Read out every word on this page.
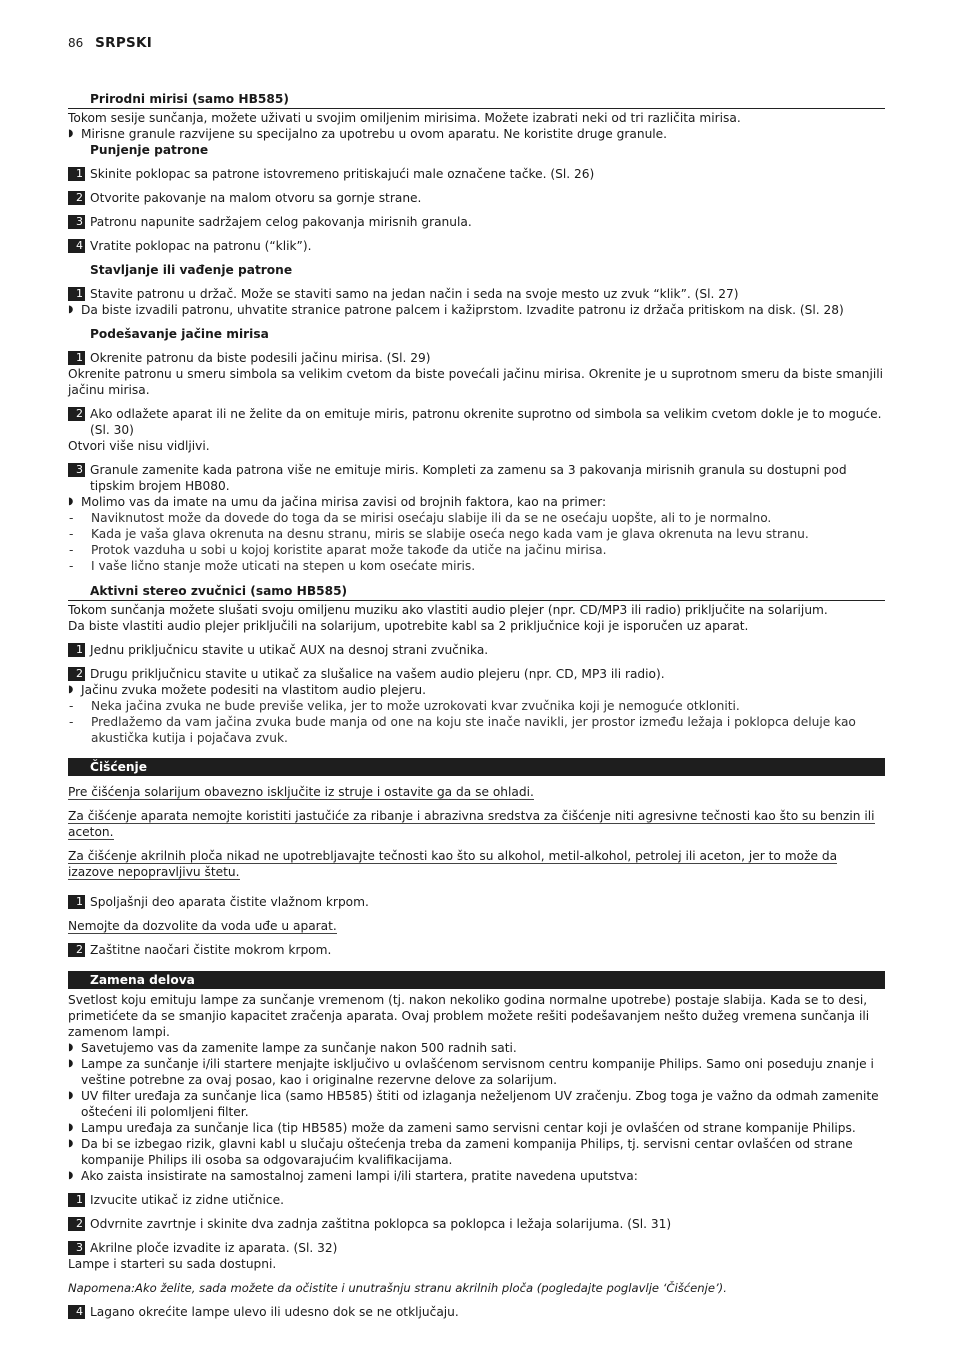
86 SRPSKI
Prirodni mirisi (samo HB585)

Tokom sesije sunčanja, možete uživati u svojim omiljenim mirisima. Možete izabrati neki od tri različita mirisa.

◗ Mirisne granule razvijene su specijalno za upotrebu u ovom aparatu. Ne koristite druge granule.

Punjenje patrone
1 Skinite poklopac sa patrone istovremeno pritiskajući male označene tačke. (Sl. 26)
2 Otvorite pakovanje na malom otvoru sa gornje strane.
3 Patronu napunite sadržajem celog pakovanja mirisnih granula.
4 Vratite poklopac na patronu (“klik”).
Stavljanje ili vađenje patrone
1 Stavite patronu u držač. Može se staviti samo na jedan način i seda na svoje mesto uz zvuk “klik”. (Sl. 27)

◗ Da biste izvadili patronu, uhvatite stranice patrone palcem i kažiprstom. Izvadite patronu iz držača pritiskom na disk. (Sl. 28)

Podešavanje jačine mirisa
1 Okrenite patronu da biste podesili jačinu mirisa. (Sl. 29)

Okrenite patronu u smeru simbola sa velikim cvetom da biste povećali jačinu mirisa. Okrenite je u suprotnom smeru da biste smanjili jačinu mirisa.

2 Ako odlažete aparat ili ne želite da on emituje miris, patronu okrenite suprotno od simbola sa velikim cvetom dokle je to moguće. (Sl. 30)

Otvori više nisu vidljivi.

3 Granule zamenite kada patrona više ne emituje miris. Kompleti za zamenu sa 3 pakovanja mirisnih granula su dostupni pod tipskim brojem HB080.

◗ Molimo vas da imate na umu da jačina mirisa zavisi od brojnih faktora, kao na primer:

- Naviknutost može da dovede do toga da se mirisi osećaju slabije ili da se ne osećaju uopšte, ali to je normalno.

- Kada je vaša glava okrenuta na desnu stranu, miris se slabije oseća nego kada vam je glava okrenuta na levu stranu.

- Protok vazduha u sobi u kojoj koristite aparat može takođe da utiče na jačinu mirisa.

- I vaše lično stanje može uticati na stepen u kom osećate miris.

Aktivni stereo zvučnici (samo HB585)

Tokom sunčanja možete slušati svoju omiljenu muziku ako vlastiti audio plejer (npr. CD/MP3 ili radio) priključite na solarijum.

Da biste vlastiti audio plejer priključili na solarijum, upotrebite kabl sa 2 priključnice koji je isporučen uz aparat.

1 Jednu priključnicu stavite u utikač AUX na desnoj strani zvučnika.
2 Drugu priključnicu stavite u utikač za slušalice na vašem audio plejeru (npr. CD, MP3 ili radio).

◗ Jačinu zvuka možete podesiti na vlastitom audio plejeru.

- Neka jačina zvuka ne bude previše velika, jer to može uzrokovati kvar zvučnika koji je nemoguće otkloniti.

- Predlažemo da vam jačina zvuka bude manja od one na koju ste inače navikli, jer prostor između ležaja i poklopca deluje kao akustička kutija i pojačava zvuk.

Čišćenje

Pre čišćenja solarijum obavezno isključite iz struje i ostavite ga da se ohladi.

Za čišćenje aparata nemojte koristiti jastučiće za ribanje i abrazivna sredstva za čišćenje niti agresivne tečnosti kao što su benzin ili aceton.

Za čišćenje akrilnih ploča nikad ne upotrebljavajte tečnosti kao što su alkohol, metil-alkohol, petrolej ili aceton, jer to može da izazove nepopravljivu štetu.

1 Spoljašnji deo aparata čistite vlažnom krpom.

Nemojte da dozvolite da voda uđe u aparat.

2 Zaštitne naočari čistite mokrom krpom.
Zamena delova

Svetlost koju emituju lampe za sunčanje vremenom (tj. nakon nekoliko godina normalne upotrebe) postaje slabija. Kada se to desi, primetićete da se smanjio kapacitet zračenja aparata. Ovaj problem možete rešiti podešavanjem nešto dužeg vremena sunčanja ili zamenom lampi.

◗ Savetujemo vas da zamenite lampe za sunčanje nakon 500 radnih sati.

◗ Lampe za sunčanje i/ili startere menjajte isključivo u ovlašćenom servisnom centru kompanije Philips. Samo oni poseduju znanje i veštine potrebne za ovaj posao, kao i originalne rezervne delove za solarijum.

◗ UV filter uređaja za sunčanje lica (samo HB585) štiti od izlaganja neželjenom UV zračenju. Zbog toga je važno da odmah zamenite oštećeni ili polomljeni filter.

◗ Lampu uređaja za sunčanje lica (tip HB585) može da zameni samo servisni centar koji je ovlašćen od strane kompanije Philips.

◗ Da bi se izbegao rizik, glavni kabl u slučaju oštećenja treba da zameni kompanija Philips, tj. servisni centar ovlašćen od strane kompanije Philips ili osoba sa odgovarajućim kvalifikacijama.

◗ Ako zaista insistirate na samostalnoj zameni lampi i/ili startera, pratite navedena uputstva:

1 Izvucite utikač iz zidne utičnice.
2 Odvrnite zavrtnje i skinite dva zadnja zaštitna poklopca sa poklopca i ležaja solarijuma. (Sl. 31)
3 Akrilne ploče izvadite iz aparata. (Sl. 32)

Lampe i starteri su sada dostupni.

Napomena:Ako želite, sada možete da očistite i unutrašnju stranu akrilnih ploča (pogledajte poglavlje ‘Čišćenje’).

4 Lagano okrećite lampe ulevo ili udesno dok se ne otključaju.
